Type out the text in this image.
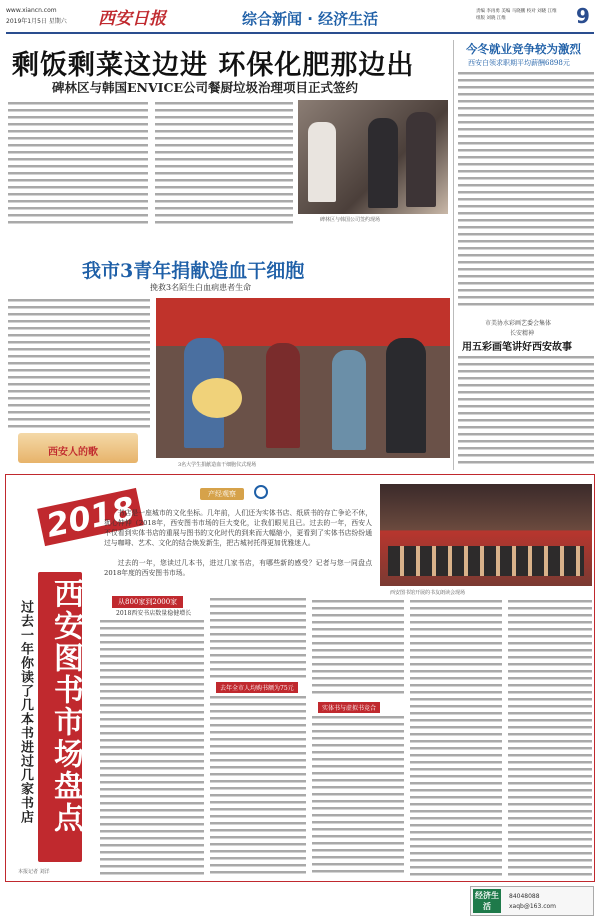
www.xiancn.com
2019年1月5日 星期六 西安日报	综合新闻 · 经济生活	责编 李再勇 美编 马晓鹏 校对 刘晓 江维
组版 刘晓 江维	9
剩饭剩菜这边进 环保化肥那边出
碑林区与韩国ENVICE公司餐厨垃圾治理项目正式签约
碑林区与韩国公司签约现场
今冬就业竞争较为激烈
西安白领求职期平均薪酬6898元
市美协水彩画艺委会集体
长安精神
用五彩画笔讲好西安故事
我市3青年捐献造血干细胞
挽救3名陌生白血病患者生命
西安人的歌
3名大学生捐献造血干细胞仪式现场
2018
西安图书市场盘点
过去一年你读了几本书进过几家书店
产经观察
书店是一座城市的文化坐标。几年前，人们还为实体书店、纸质书的存亡争论不休，犹心忡忡（2018年，西安图书市场的巨大变化，让我们眼见且已。过去的一年，西安人不仅看到实体书店的重展与图书的文化时代的到来而大幅缩小，更看到了实体书店纷纷通过与咖啡、艺术、文化的结合焕发新生，把古城衬托得更加优雅迷人。
过去的一年，您读过几本书，进过几家书店，有哪些新的感受？记者与您一同盘点2018年度的西安图书市场。
西安图书馆开展的书友朗读会现场
从800家到2000家
2018西安书店数量稳健增长
去年全市人均购书额为75元
实体书与虚拟书竞合
本报记者 刘洋
经济生活
84048088
xaqb@163.com
